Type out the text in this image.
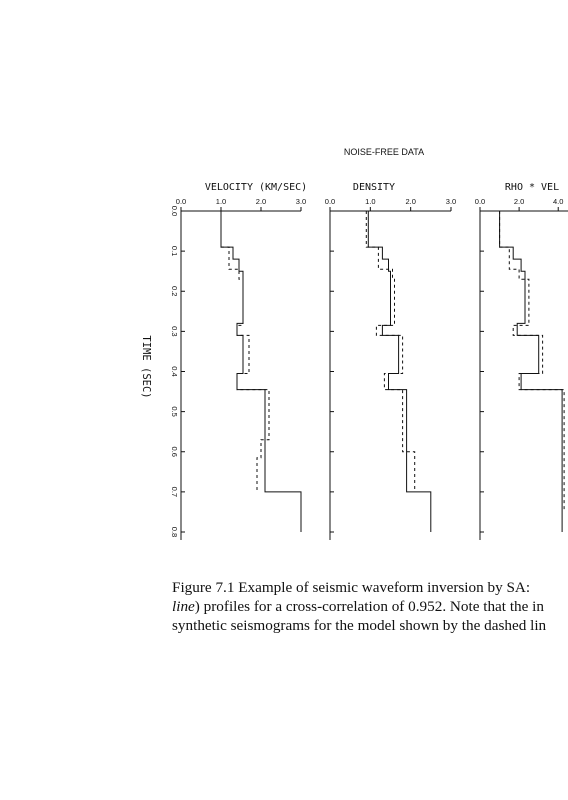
NOISE-FREE DATA
TIME (SEC)
VELOCITY (KM/SEC)
0.0	1.0	2.0	3.0
0.0
0.1
0.2
0.3
0.4
0.5
0.6
0.7
0.8
DENSITY
0.0	1.0	2.0	3.0
RHO * VEL
0.0	2.0	4.0
Figure 7.1 Example of seismic waveform inversion by SA:
line) profiles for a cross-correlation of 0.952. Note that the in
synthetic seismograms for the model shown by the dashed lin
